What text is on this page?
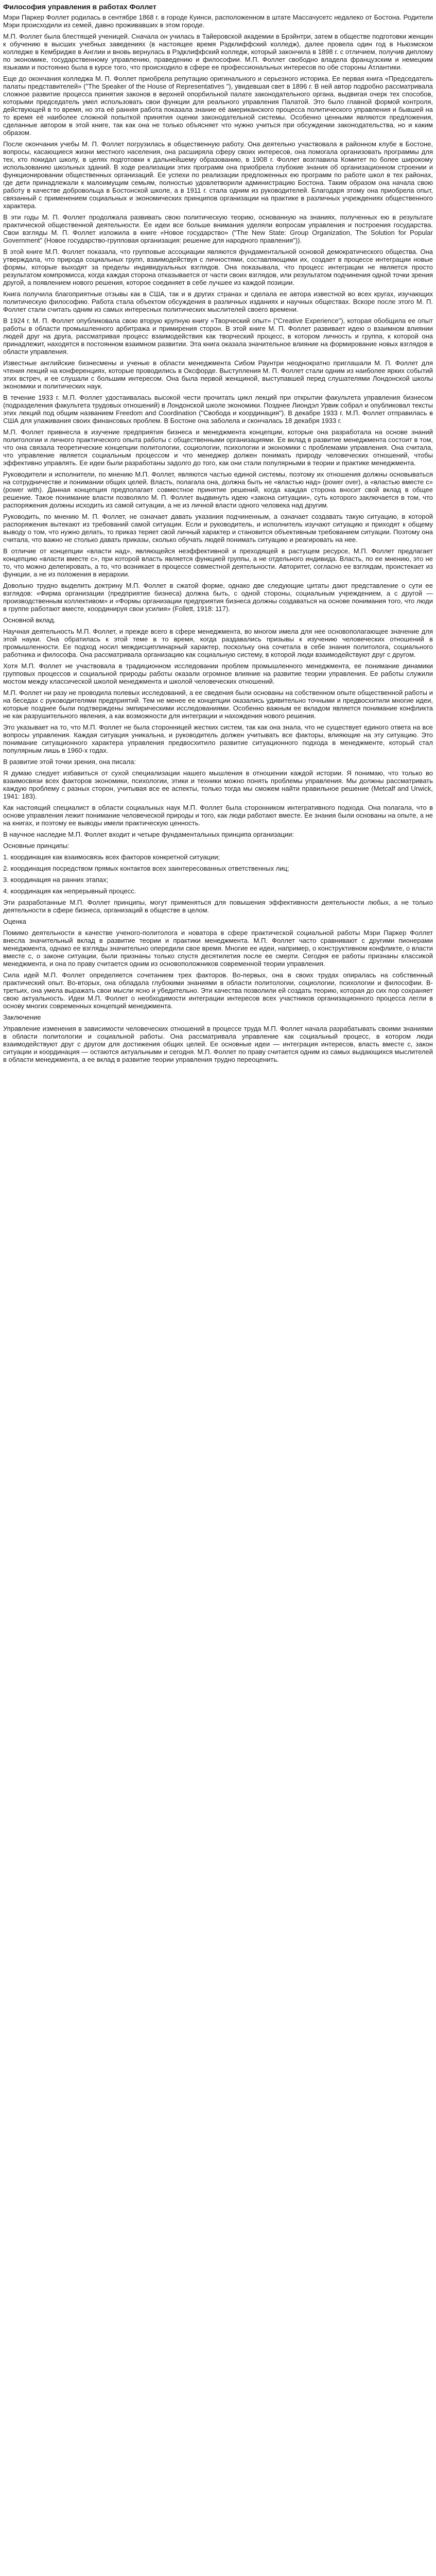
Философия управления в работах Фоллет

Мэри Паркер Фоллет родилась в сентябре 1868 г. в городе Куинси, расположенном в штате Массачусетс недалеко от Бостона. Родители Мэри происходили из семей, давно проживавших в этом городе.

М.П. Фоллет была блестящей ученицей. Сначала он училась в Тайеровской академии в Брэйнтри, затем в обществе подготовки женщин к обучению в высших учебных заведениях (в настоящее время Рэдклиффский колледж), далее провела один год в Ньюэмском колледже в Кембридже в Англии и вновь вернулась в Рэдклиффский колледж, который закончила в 1898 г. с отличием, получив диплому по экономике, государственному управлению, праведению и философии. М.П. Фоллет свободно владела французским и немецким языками и постоянно была в курсе того, что происходило в сфере ее профессиональных интересов по обе стороны Атлантики.

Еще до окончания колледжа М. П. Фоллет приобрела репутацию оригинального и серьезного историка. Ее первая книга «Председатель палаты представителей» ("The Speaker of the House of Representatives "), увидевшая свет в 1896 г. В ней автор подробно рассматривала сложное развитие процесса принятия законов в верхней опорбильной палате законодательного органа, выдвигая очерк тех способов, которыми председатель умел использовать свои функции для реального управления Палатой. Это было главной формой контроля, действующей в то время, но эта её ранняя работа показала знание её американского процесса политического управления и бывшей на то время её наиболее сложной попыткой принятия оценки законодательной системы. Особенно ценными являются предложения, сделанные автором в этой книге, так как она не только объясняет что нужно учиться при обсуждении законодательства, но и каким образом.

После окончания учебы М. П. Фоллет погрузилась в общественную работу. Она деятельно участвовала в районном клубе в Бостоне, вопросы, касающиеся жизни местного населения, она расширяла сферу своих интересов, она помогала организовать программы для тех, кто покидал школу, в целях подготовки к дальнейшему образованию, в 1908 г. Фоллет возглавила Комитет по более широкому использованию школьных зданий. В ходе реализации этих программ она приобрела глубокие знания об организационном строении и функционировании общественных организаций. Ее успехи по реализации предложенных ею программ по работе школ в тех районах, где дети принадлежали к малоимущим семьям, полностью удовлетворили администрацию Бостона. Таким образом она начала свою работу в качестве добровольца в Бостонской школе, а в 1911 г. стала одним из руководителей. Благодаря этому она приобрела опыт, связанный с применением социальных и экономических принципов организации на практике в различных учреждениях общественного характера.

В эти годы М. П. Фоллет продолжала развивать свою политическую теорию, основанную на знаниях, полученных ею в результате практической общественной деятельности. Ее идеи все больше внимания уделяли вопросам управления и построения государства. Свои взгляды М. П. Фоллет изложила в книге «Новое государство» ("The New State: Group Organization, The Solution for Popular Government" (Новое государство-групповая организация: решение для народного правления")).

В этой книге М.П. Фоллет показала, что групповые ассоциации являются фундаментальной основой демократического общества. Она утверждала, что природа социальных групп, взаимодействуя с личностями, составляющими их, создает в процессе интеграции новые формы, которые выходят за пределы индивидуальных взглядов. Она показывала, что процесс интеграции не является просто результатом компромисса, когда каждая сторона отказывается от части своих взглядов, или результатом подчинения одной точки зрения другой, а появлением нового решения, которое соединяет в себе лучшее из каждой позиции.

Книга получила благоприятные отзывы как в США, так и в других странах и сделала ее автора известной во всех кругах, изучающих политическую философию. Работа стала объектом обсуждения в различных изданиях и научных обществах. Вскоре после этого М. П. Фоллет стали считать одним из самых интересных политических мыслителей своего времени.

В 1924 г. М. П. Фоллет опубликовала свою вторую крупную книгу «Творческий опыт» ("Creative Experience"), которая обобщила ее опыт работы в области промышленного арбитража и примирения сторон. В этой книге М. П. Фоллет развивает идею о взаимном влиянии людей друг на друга, рассматривая процесс взаимодействия как творческий процесс, в котором личность и группа, к которой она принадлежит, находятся в постоянном взаимном развитии. Эта книга оказала значительное влияние на формирование новых взглядов в области управления.

Известные английские бизнесмены и ученые в области менеджмента Сибом Раунтри неоднократно приглашали М. П. Фоллет для чтения лекций на конференциях, которые проводились в Оксфорде. Выступления М. П. Фоллет стали одним из наиболее ярких событий этих встреч, и ее слушали с большим интересом. Она была первой женщиной, выступавшей перед слушателями Лондонской школы экономики и политических наук.

В течение 1933 г. М.П. Фоллет удостаивалась высокой чести прочитать цикл лекций при открытии факультета управления бизнесом (подразделения факультета трудовых отношений) в Лондонской школе экономики. Позднее Лиондэл Урвик собрал и опубликовал тексты этих лекций под общим названием Freedom and Coordination ("Свобода и координация"). В декабре 1933 г. М.П. Фоллет отправилась в США для улаживания своих финансовых проблем. В Бостоне она заболела и скончалась 18 декабря 1933 г.

М.П. Фоллет привнесла в изучение предприятия бизнеса и менеджмента концепции, которые она разработала на основе знаний политологии и личного практического опыта работы с общественными организациями. Ее вклад в развитие менеджмента состоит в том, что она связала теоретические концепции политологии, социологии, психологии и экономики с проблемами управления. Она считала, что управление является социальным процессом и что менеджер должен понимать природу человеческих отношений, чтобы эффективно управлять. Ее идеи были разработаны задолго до того, как они стали популярными в теории и практике менеджмента.

Руководители и исполнители, по мнению М.П. Фоллет, являются частью единой системы, поэтому их отношения должны основываться на сотрудничестве и понимании общих целей. Власть, полагала она, должна быть не «властью над» (power over), а «властью вместе с» (power with). Данная концепция предполагает совместное принятие решений, когда каждая сторона вносит свой вклад в общее решение. Такое понимание власти позволяло М. П. Фоллет выдвинуть идею «закона ситуации», суть которого заключается в том, что распоряжения должны исходить из самой ситуации, а не из личной власти одного человека над другим.

Руководить, по мнению М. П. Фоллет, не означает давать указания подчиненным, а означает создавать такую ситуацию, в которой распоряжения вытекают из требований самой ситуации. Если и руководитель, и исполнитель изучают ситуацию и приходят к общему выводу о том, что нужно делать, то приказ теряет свой личный характер и становится объективным требованием ситуации. Поэтому она считала, что важно не столько давать приказы, сколько обучать людей понимать ситуацию и реагировать на нее.

В отличие от концепции «власти над», являющейся неэффективной и преходящей в растущем ресурсе, М.П. Фоллет предлагает концепцию «власти вместе с», при которой власть является функцией группы, а не отдельного индивида. Власть, по ее мнению, это не то, что можно делегировать, а то, что возникает в процессе совместной деятельности. Авторитет, согласно ее взглядам, проистекает из функции, а не из положения в иерархии.

Довольно трудно выделить доктрину М.П. Фоллет в сжатой форме, однако две следующие цитаты дают представление о сути ее взглядов: «Фирма организации (предприятие бизнеса) должна быть, с одной стороны, социальным учреждением, а с другой — производственным коллективом» и «Формы организации предприятия бизнеса должны создаваться на основе понимания того, что люди в группе работают вместе, координируя свои усилия» (Follett, 1918: 117).

Основной вклад.

Научная деятельность М.П. Фоллет, и прежде всего в сфере менеджмента, во многом имела для нее основополагающее значение для этой науки. Она обратилась к этой теме в то время, когда раздавались призывы к изучению человеческих отношений в промышленности. Ее подход носил междисциплинарный характер, поскольку она сочетала в себе знания политолога, социального работника и философа. Она рассматривала организацию как социальную систему, в которой люди взаимодействуют друг с другом.

Хотя М.П. Фоллет не участвовала в традиционном исследовании проблем промышленного менеджмента, ее понимание динамики групповых процессов и социальной природы работы оказали огромное влияние на развитие теории управления. Ее работы служили мостом между классической школой менеджмента и школой человеческих отношений.

М.П. Фоллет ни разу не проводила полевых исследований, а ее сведения были основаны на собственном опыте общественной работы и на беседах с руководителями предприятий. Тем не менее ее концепции оказались удивительно точными и предвосхитили многие идеи, которые позднее были подтверждены эмпирическими исследованиями. Особенно важным ее вкладом является понимание конфликта не как разрушительного явления, а как возможности для интеграции и нахождения нового решения.

Это указывает на то, что М.П. Фоллет не была сторонницей жестких систем, так как она знала, что не существует единого ответа на все вопросы управления. Каждая ситуация уникальна, и руководитель должен учитывать все факторы, влияющие на эту ситуацию. Это понимание ситуационного характера управления предвосхитило развитие ситуационного подхода в менеджменте, который стал популярным лишь в 1960-х годах.

В развитие этой точки зрения, она писала:

Я думаю следует избавиться от сухой специализации нашего мышления в отношении каждой истории. Я понимаю, что только во взаимосвязи всех факторов экономики, психологии, этики и техники можно понять проблемы управления. Мы должны рассматривать каждую проблему с разных сторон, учитывая все ее аспекты, только тогда мы сможем найти правильное решение (Metcalf and Urwick, 1941: 183).

Как настоящий специалист в области социальных наук М.П. Фоллет была сторонником интегративного подхода. Она полагала, что в основе управления лежит понимание человеческой природы и того, как люди работают вместе. Ее знания были основаны на опыте, а не на книгах, и поэтому ее выводы имели практическую ценность.

В научное наследие М.П. Фоллет входит и четыре фундаментальных принципа организации:

Основные принципы:

1. координация как взаимосвязь всех факторов конкретной ситуации;

2. координация посредством прямых контактов всех заинтересованных ответственных лиц;

3. координация на ранних этапах;

4. координация как непрерывный процесс.

Эти разработанные М.П. Фоллет принципы, могут применяться для повышения эффективности деятельности любых, а не только деятельности в сфере бизнеса, организаций в обществе в целом.

Оценка

Помимо деятельности в качестве ученого-политолога и новатора в сфере практической социальной работы Мэри Паркер Фоллет внесла значительный вклад в развитие теории и практики менеджмента. М.П. Фоллет часто сравнивают с другими пионерами менеджмента, однако ее взгляды значительно опередили свое время. Многие ее идеи, например, о конструктивном конфликте, о власти вместе с, о законе ситуации, были признаны только спустя десятилетия после ее смерти. Сегодня ее работы признаны классикой менеджмента, и она по праву считается одним из основоположников современной теории управления.

Сила идей М.П. Фоллет определяется сочетанием трех факторов. Во-первых, она в своих трудах опиралась на собственный практический опыт. Во-вторых, она обладала глубокими знаниями в области политологии, социологии, психологии и философии. В-третьих, она умела выражать свои мысли ясно и убедительно. Эти качества позволили ей создать теорию, которая до сих пор сохраняет свою актуальность. Идеи М.П. Фоллет о необходимости интеграции интересов всех участников организационного процесса легли в основу многих современных концепций менеджмента.

Заключение

Управление изменения в зависимости человеческих отношений в процессе труда М.П. Фоллет начала разрабатывать своими знаниями в области политологии и социальной работы. Она рассматривала управление как социальный процесс, в котором люди взаимодействуют друг с другом для достижения общих целей. Ее основные идеи — интеграция интересов, власть вместе с, закон ситуации и координация — остаются актуальными и сегодня. М.П. Фоллет по праву считается одним из самых выдающихся мыслителей в области менеджмента, а ее вклад в развитие теории управления трудно переоценить.
